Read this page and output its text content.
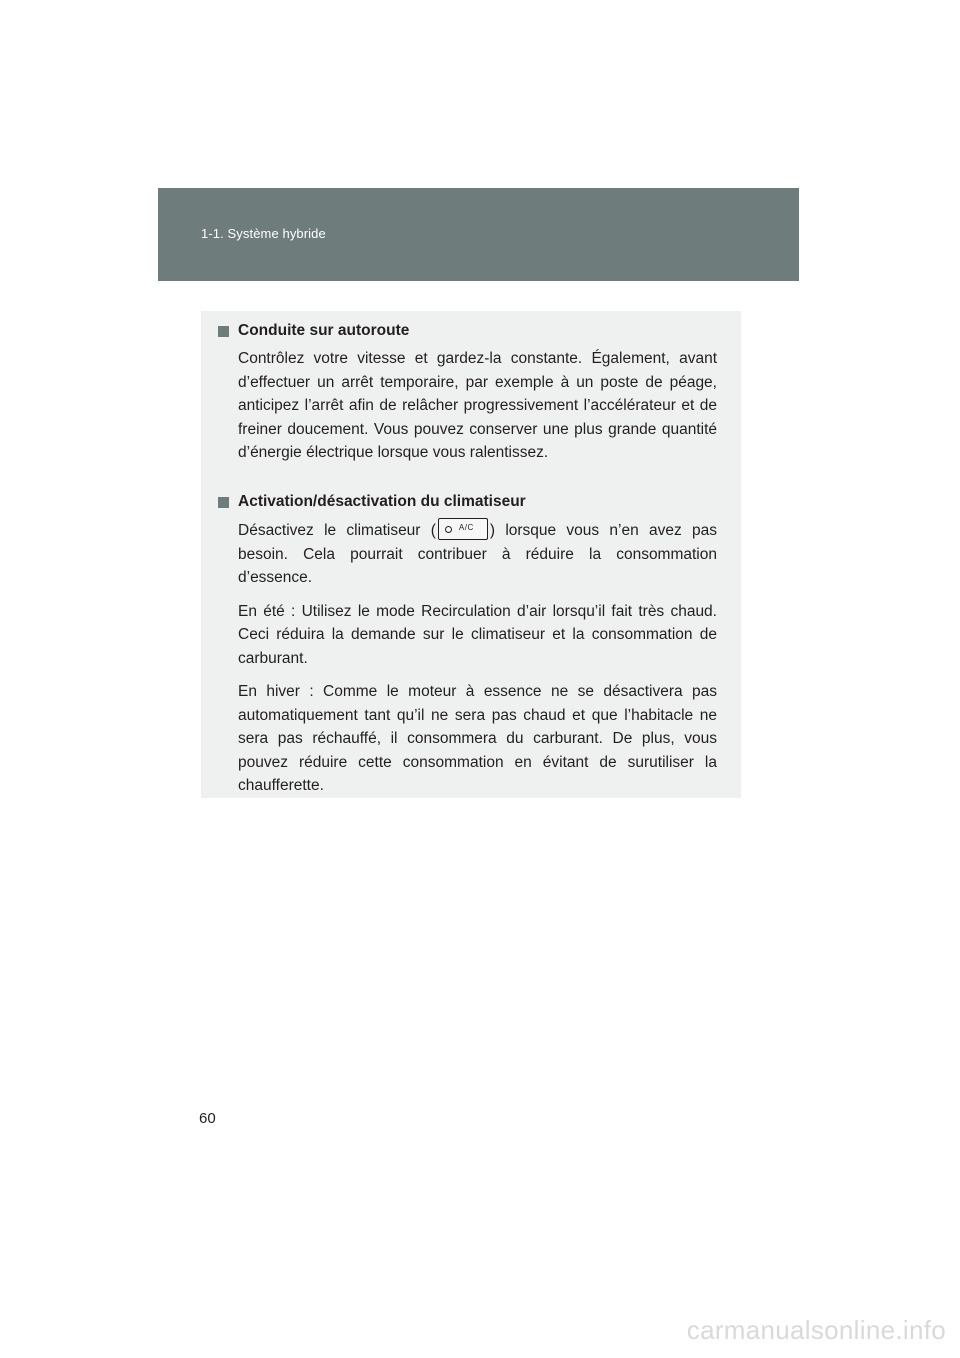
1-1. Système hybride
Conduite sur autoroute

Contrôlez votre vitesse et gardez-la constante. Également, avant d’effectuer un arrêt temporaire, par exemple à un poste de péage, anticipez l’arrêt afin de relâcher progressivement l’accélérateur et de freiner doucement. Vous pouvez conserver une plus grande quantité d’énergie électrique lorsque vous ralentissez.

Activation/désactivation du climatiseur

Désactivez le climatiseur (	A/C ) lorsque vous n’en avez pas besoin. Cela pourrait contribuer à réduire la consommation d’essence.

En été : Utilisez le mode Recirculation d’air lorsqu’il fait très chaud. Ceci réduira la demande sur le climatiseur et la consommation de carburant.

En hiver : Comme le moteur à essence ne se désactivera pas automatiquement tant qu’il ne sera pas chaud et que l’habitacle ne sera pas réchauffé, il consommera du carburant. De plus, vous pouvez réduire cette consommation en évitant de surutiliser la chaufferette.

60
carmanualsonline.info
